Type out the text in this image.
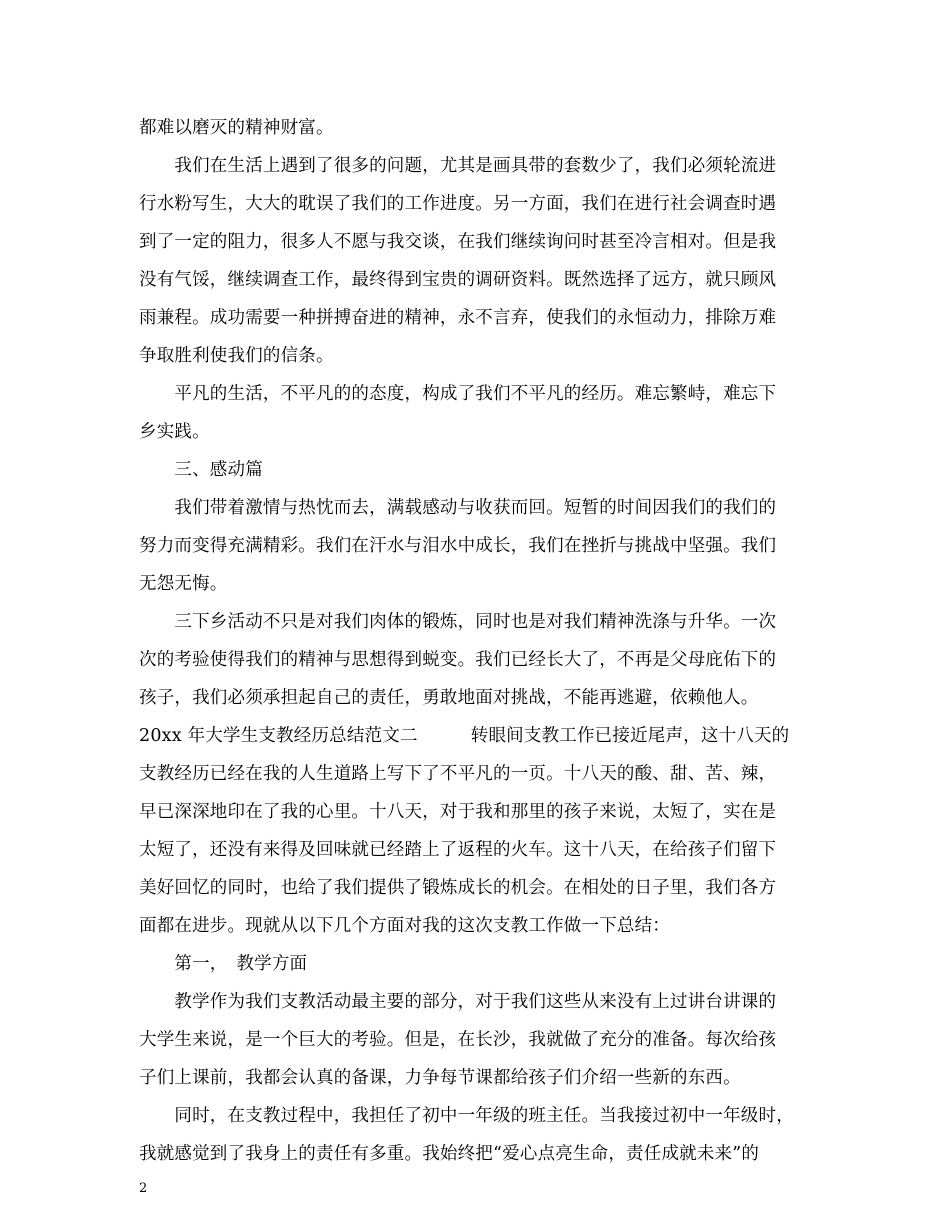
都难以磨灭的精神财富。
　　我们在生活上遇到了很多的问题，尤其是画具带的套数少了，我们必须轮流进
行水粉写生，大大的耽误了我们的工作进度。另一方面，我们在进行社会调查时遇
到了一定的阻力，很多人不愿与我交谈，在我们继续询问时甚至冷言相对。但是我
没有气馁，继续调查工作，最终得到宝贵的调研资料。既然选择了远方，就只顾风
雨兼程。成功需要一种拼搏奋进的精神，永不言弃，使我们的永恒动力，排除万难
争取胜利使我们的信条。
　　平凡的生活，不平凡的的态度，构成了我们不平凡的经历。难忘繁峙，难忘下
乡实践。
　　三、感动篇
　　我们带着激情与热忱而去，满载感动与收获而回。短暂的时间因我们的我们的
努力而变得充满精彩。我们在汗水与泪水中成长，我们在挫折与挑战中坚强。我们
无怨无悔。
　　三下乡活动不只是对我们肉体的锻炼，同时也是对我们精神洗涤与升华。一次
次的考验使得我们的精神与思想得到蜕变。我们已经长大了，不再是父母庇佑下的
孩子，我们必须承担起自己的责任，勇敢地面对挑战，不能再逃避，依赖他人。
20xx 年大学生支教经历总结范文二　　　转眼间支教工作已接近尾声，这十八天的
支教经历已经在我的人生道路上写下了不平凡的一页。十八天的酸、甜、苦、辣，
早已深深地印在了我的心里。十八天，对于我和那里的孩子来说，太短了，实在是
太短了，还没有来得及回味就已经踏上了返程的火车。这十八天，在给孩子们留下
美好回忆的同时，也给了我们提供了锻炼成长的机会。在相处的日子里，我们各方
面都在进步。现就从以下几个方面对我的这次支教工作做一下总结：
　　第一，　教学方面
　　教学作为我们支教活动最主要的部分，对于我们这些从来没有上过讲台讲课的
大学生来说，是一个巨大的考验。但是，在长沙，我就做了充分的准备。每次给孩
子们上课前，我都会认真的备课，力争每节课都给孩子们介绍一些新的东西。
　　同时，在支教过程中，我担任了初中一年级的班主任。当我接过初中一年级时，
我就感觉到了我身上的责任有多重。我始终把“爱心点亮生命，责任成就未来”的
2
